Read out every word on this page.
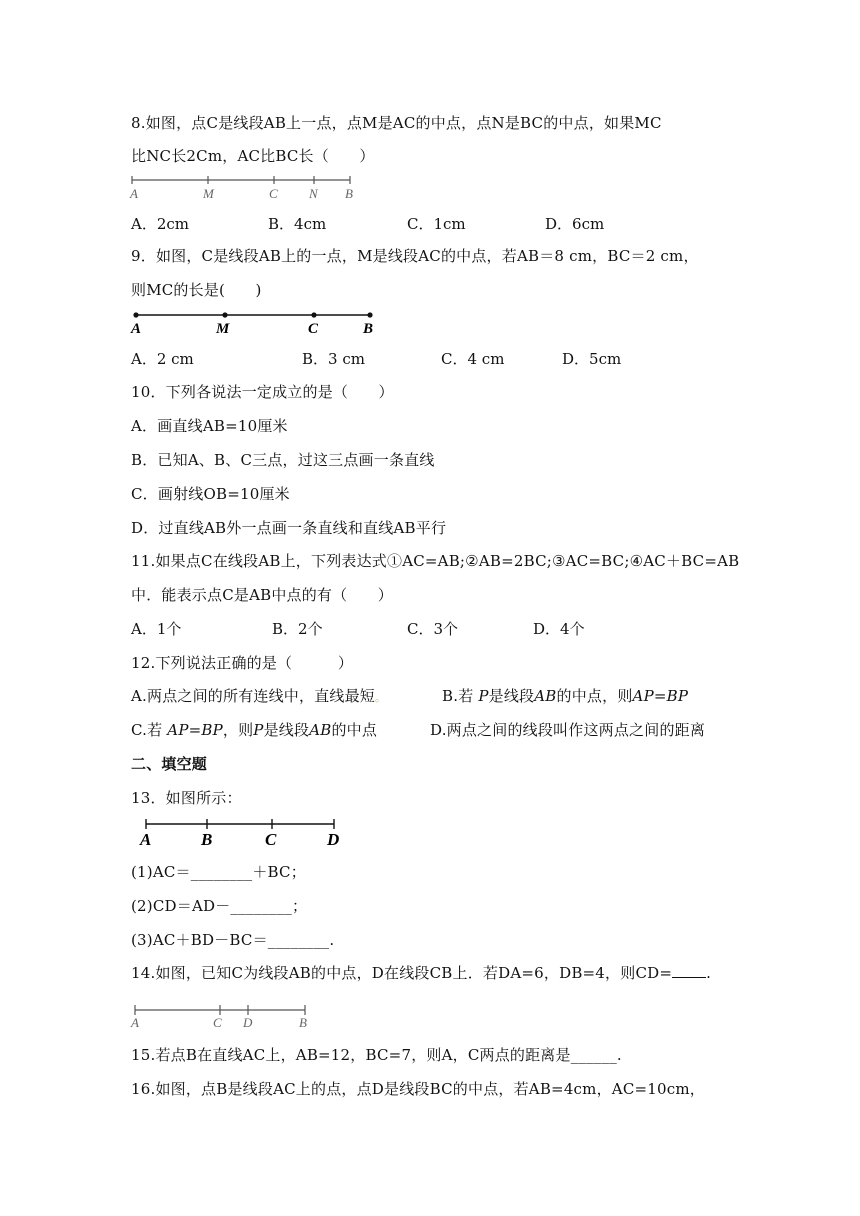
8.如图，点C是线段AB上一点，点M是AC的中点，点N是BC的中点，如果MC
比NC长2Cm，AC比BC长（　　）
A	M	C N B
A．2cm	B．4cm	C．1cm	D．6cm
9．如图，C是线段AB上的一点，M是线段AC的中点，若AB＝8 cm，BC＝2 cm，
则MC的长是(　　)
A	M	C	B
A．2 cm	B．3 cm	C．4 cm	D．5cm
10．下列各说法一定成立的是（　　）
A．画直线AB=10厘米
B．已知A、B、C三点，过这三点画一条直线
C．画射线OB=10厘米
D．过直线AB外一点画一条直线和直线AB平行
11.如果点C在线段AB上，下列表达式①AC=AB;②AB=2BC;③AC=BC;④AC＋BC=AB
中．能表示点C是AB中点的有（　　）
A．1个	B．2个	C．3个	D．4个
12.下列说法正确的是（　　　）
A.两点之间的所有连线中，直线最短。	B.若 P是线段AB的中点，则AP=BP
C.若 AP=BP，则P是线段AB的中点	D.两点之间的线段叫作这两点之间的距离
二、填空题
13．如图所示：
A	B	C	D
(1)AC＝________＋BC；
(2)CD＝AD－________；
(3)AC＋BD－BC＝________.
14.如图，已知C为线段AB的中点，D在线段CB上．若DA=6，DB=4，则CD= .
A	C D	B
15.若点B在直线AC上，AB=12，BC=7，则A，C两点的距离是______.
16.如图，点B是线段AC上的点，点D是线段BC的中点，若AB=4cm，AC=10cm，
